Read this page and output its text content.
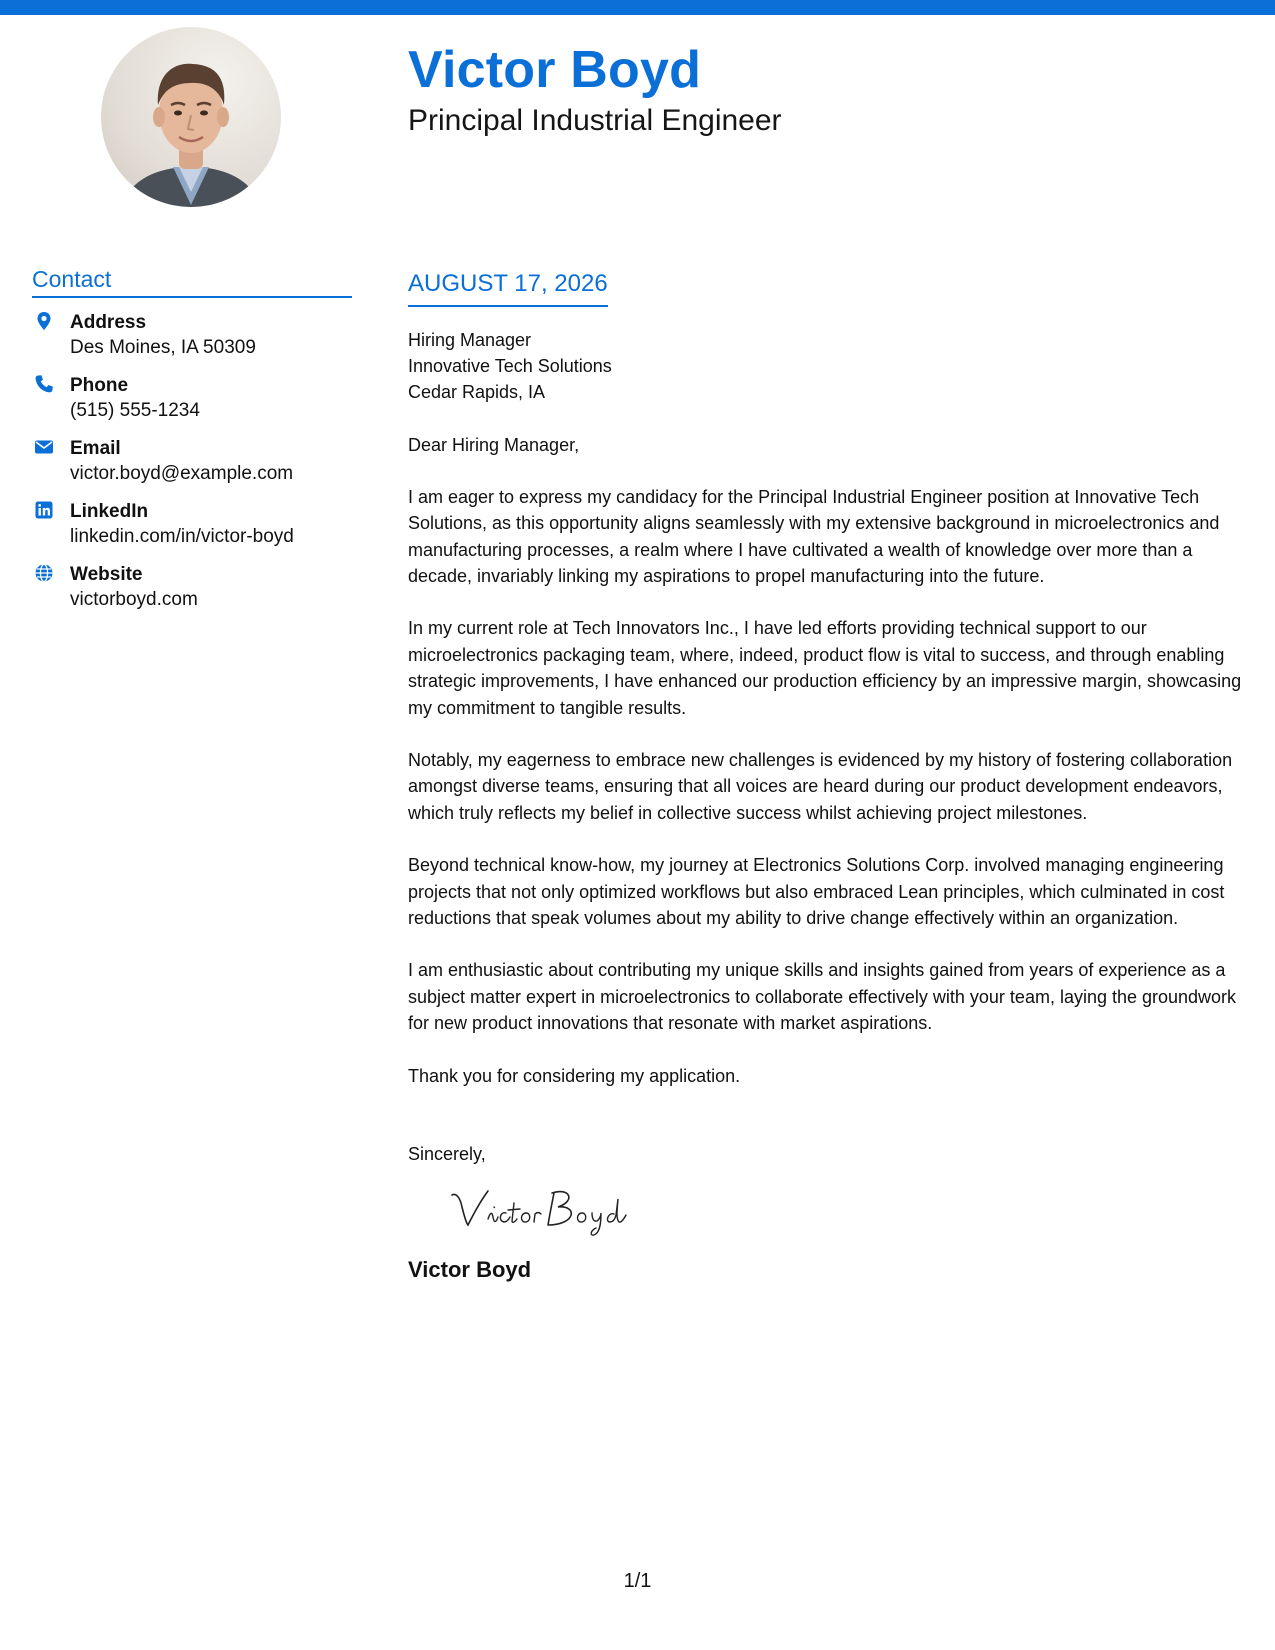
Victor Boyd
Principal Industrial Engineer
Contact
Address
Des Moines, IA 50309
Phone
(515) 555-1234
Email
victor.boyd@example.com
LinkedIn
linkedin.com/in/victor-boyd
Website
victorboyd.com
AUGUST 17, 2026
Hiring Manager
Innovative Tech Solutions
Cedar Rapids, IA
Dear Hiring Manager,

I am eager to express my candidacy for the Principal Industrial Engineer position at Innovative Tech Solutions, as this opportunity aligns seamlessly with my extensive background in microelectronics and manufacturing processes, a realm where I have cultivated a wealth of knowledge over more than a decade, invariably linking my aspirations to propel manufacturing into the future.

In my current role at Tech Innovators Inc., I have led efforts providing technical support to our microelectronics packaging team, where, indeed, product flow is vital to success, and through enabling strategic improvements, I have enhanced our production efficiency by an impressive margin, showcasing my commitment to tangible results.

Notably, my eagerness to embrace new challenges is evidenced by my history of fostering collaboration amongst diverse teams, ensuring that all voices are heard during our product development endeavors, which truly reflects my belief in collective success whilst achieving project milestones.

Beyond technical know-how, my journey at Electronics Solutions Corp. involved managing engineering projects that not only optimized workflows but also embraced Lean principles, which culminated in cost reductions that speak volumes about my ability to drive change effectively within an organization.

I am enthusiastic about contributing my unique skills and insights gained from years of experience as a subject matter expert in microelectronics to collaborate effectively with your team, laying the groundwork for new product innovations that resonate with market aspirations.

Thank you for considering my application.

Sincerely,
Victor Boyd
1/1
